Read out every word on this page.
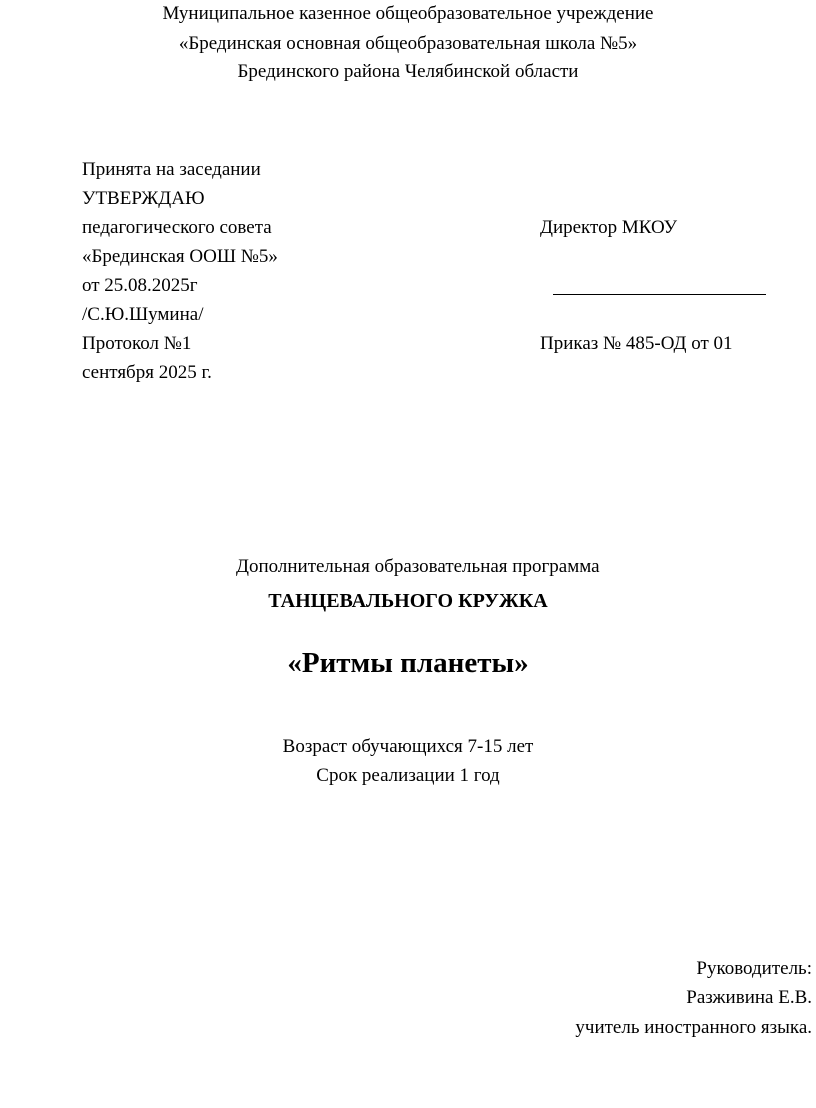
Муниципальное казенное общеобразовательное учреждение
«Брединская основная общеобразовательная школа №5»
Брединского района Челябинской области
Принята на заседании
УТВЕРЖДАЮ
педагогического совета
«Брединская ООШ №5»
от 25.08.2025г
/С.Ю.Шумина/
Протокол №1
сентября 2025 г.
Директор МКОУ
Приказ № 485-ОД от 01
Дополнительная образовательная программа
ТАНЦЕВАЛЬНОГО КРУЖКА
«Ритмы планеты»
Возраст обучающихся 7-15 лет
Срок реализации 1 год
Руководитель:
Разживина Е.В.
учитель иностранного языка.
